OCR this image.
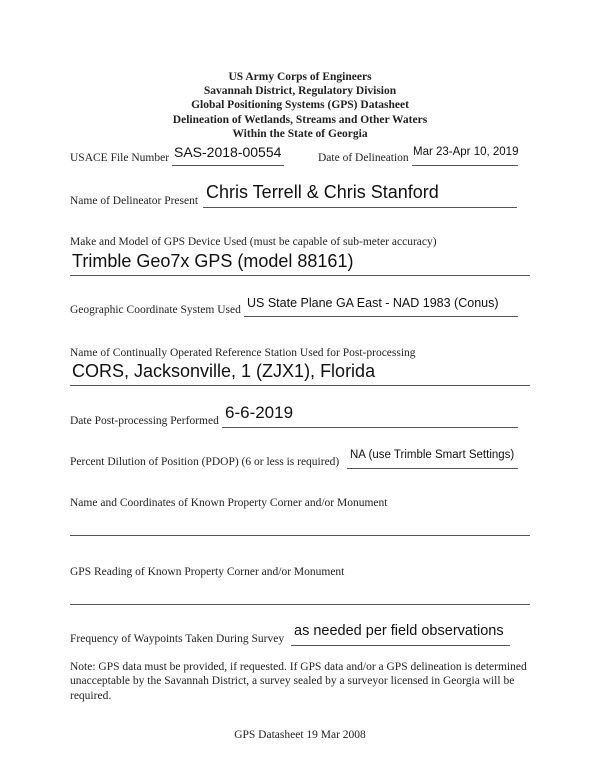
US Army Corps of Engineers
Savannah District, Regulatory Division
Global Positioning Systems (GPS) Datasheet
Delineation of Wetlands, Streams and Other Waters
Within the State of Georgia
USACE File Number SAS-2018-00554	Date of Delineation Mar 23-Apr 10, 2019
Name of Delineator Present Chris Terrell & Chris Stanford
Make and Model of GPS Device Used (must be capable of sub-meter accuracy)
Trimble Geo7x GPS (model 88161)
Geographic Coordinate System Used US State Plane GA East - NAD 1983 (Conus)
Name of Continually Operated Reference Station Used for Post-processing
CORS, Jacksonville, 1 (ZJX1), Florida
Date Post-processing Performed 6-6-2019
Percent Dilution of Position (PDOP) (6 or less is required)
NA (use Trimble Smart Settings)
Name and Coordinates of Known Property Corner and/or Monument
GPS Reading of Known Property Corner and/or Monument
Frequency of Waypoints Taken During Survey as needed per field observations
Note: GPS data must be provided, if requested. If GPS data and/or a GPS delineation is determined unacceptable by the Savannah District, a survey sealed by a surveyor licensed in Georgia will be required.
GPS Datasheet 19 Mar 2008
